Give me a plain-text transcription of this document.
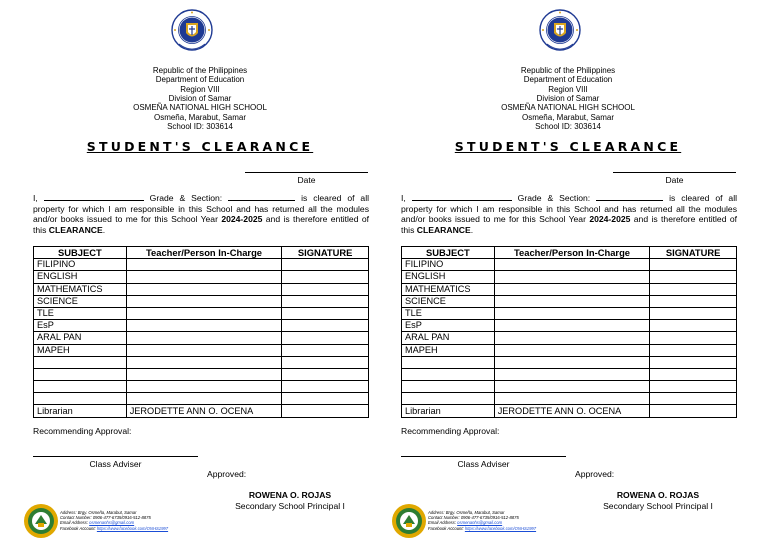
Republic of the Philippines
Department of Education
Region VIII
Division of Samar
OSMEÑA NATIONAL HIGH SCHOOL
Osmeña, Marabut, Samar
School ID: 303614
STUDENT'S CLEARANCE
Date
I,	Grade & Section:	is cleared of all property for which I am responsible in this School and has returned all the modules and/or books issued to me for this School Year 2024-2025 and is therefore entitled of this CLEARANCE.
SUBJECT	Teacher/Person In-Charge	SIGNATURE
FILIPINO		
ENGLISH		
MATHEMATICS		
SCIENCE		
TLE		
EsP		
ARAL PAN		
MAPEH		

Librarian	JERODETTE ANN O. OCENA	
Recommending Approval:
Class Adviser
Approved:
ROWENA O. ROJAS
Secondary School Principal I
Address: Brgy. Osmeña, Marabut, Samar
Contact Number: 0906-477-6735/0916-512-8875
Email Address: osmenanhs@gmail.com
Facebook Account: https://www.facebook.com/ONHS1997
Republic of the Philippines
Department of Education
Region VIII
Division of Samar
OSMEÑA NATIONAL HIGH SCHOOL
Osmeña, Marabut, Samar
School ID: 303614
STUDENT'S CLEARANCE
Date
I,	Grade & Section:	is cleared of all property for which I am responsible in this School and has returned all the modules and/or books issued to me for this School Year 2024-2025 and is therefore entitled of this CLEARANCE.
SUBJECT	Teacher/Person In-Charge	SIGNATURE
FILIPINO		
ENGLISH		
MATHEMATICS		
SCIENCE		
TLE		
EsP		
ARAL PAN		
MAPEH		

Librarian	JERODETTE ANN O. OCENA	
Recommending Approval:
Class Adviser
Approved:
ROWENA O. ROJAS
Secondary School Principal I
Address: Brgy. Osmeña, Marabut, Samar
Contact Number: 0906-477-6735/0916-512-8875
Email Address: osmenanhs@gmail.com
Facebook Account: https://www.facebook.com/ONHS1997
